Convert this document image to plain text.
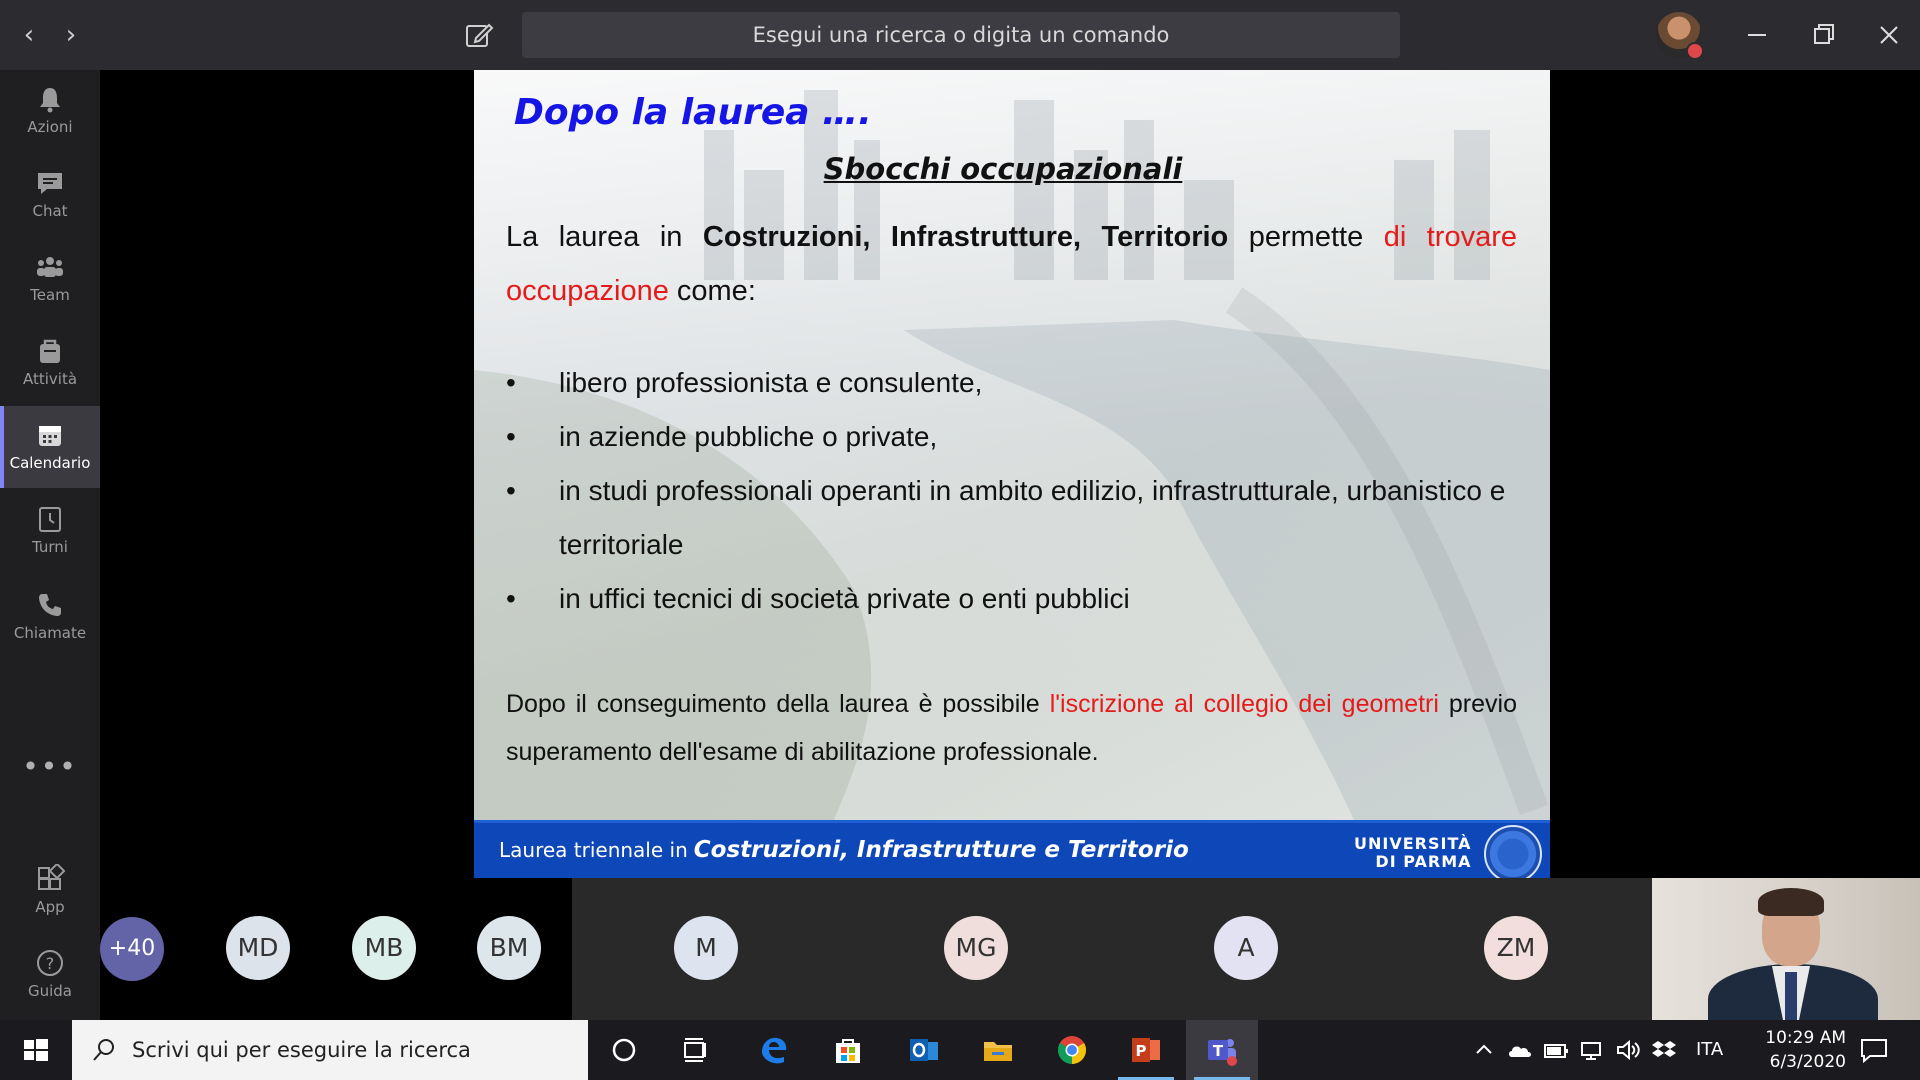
‹ ›	Esegui una ricerca o digita un comando
Azioni
Chat
Team
Attività
Calendario
Turni
Chiamate
•••
App
?
Guida
Dopo la laurea ….
Sbocchi occupazionali
La laurea in Costruzioni, Infrastrutture, Territorio permette di trovare occupazione come:
• libero professionista e consulente,
• in aziende pubbliche o private,
• in studi professionali operanti in ambito edilizio, infrastrutturale, urbanistico e territoriale
• in uffici tecnici di società private o enti pubblici
Dopo il conseguimento della laurea è possibile l'iscrizione al collegio dei geometri previo superamento dell'esame di abilitazione professionale.
Laurea triennale in Costruzioni, Infrastrutture e Territorio	UNIVERSITÀ
DI PARMA
+40	MD	MB	BM	M	MG	A	ZM
Scrivi qui per eseguire la ricerca	P	T	ITA
10:29 AM
6/3/2020
